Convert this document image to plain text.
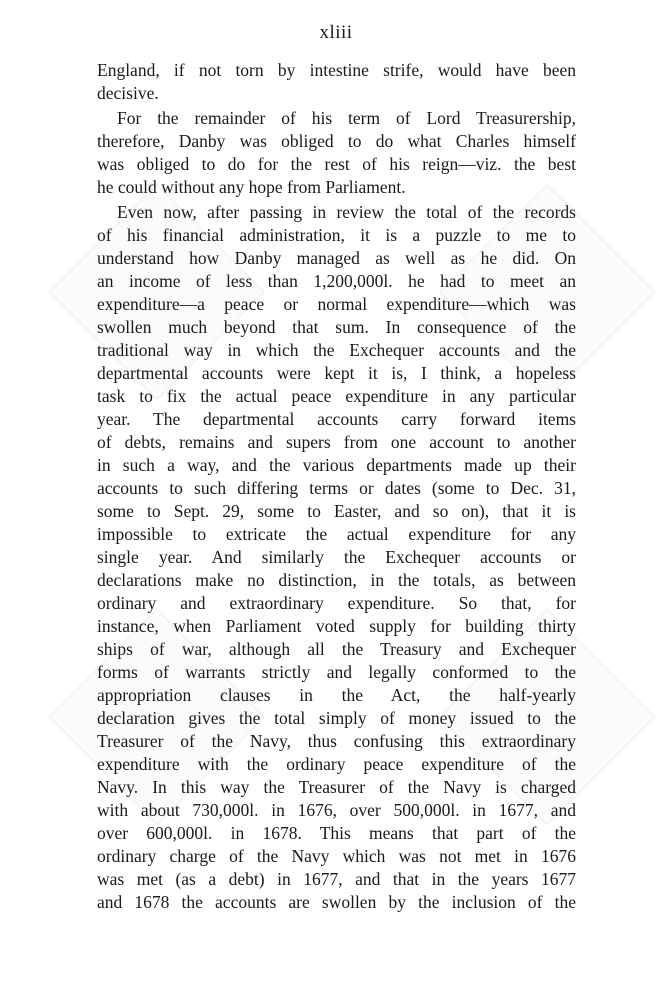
xliii
England, if not torn by intestine strife, would have been
decisive.
For the remainder of his term of Lord Treasurership,
therefore, Danby was obliged to do what Charles himself
was obliged to do for the rest of his reign—viz. the best
he could without any hope from Parliament.
Even now, after passing in review the total of the records
of his financial administration, it is a puzzle to me to
understand how Danby managed as well as he did. On
an income of less than 1,200,000l. he had to meet an
expenditure—a peace or normal expenditure—which was
swollen much beyond that sum. In consequence of the
traditional way in which the Exchequer accounts and the
departmental accounts were kept it is, I think, a hopeless
task to fix the actual peace expenditure in any particular
year. The departmental accounts carry forward items
of debts, remains and supers from one account to another
in such a way, and the various departments made up their
accounts to such differing terms or dates (some to Dec. 31,
some to Sept. 29, some to Easter, and so on), that it is
impossible to extricate the actual expenditure for any
single year. And similarly the Exchequer accounts or
declarations make no distinction, in the totals, as between
ordinary and extraordinary expenditure. So that, for
instance, when Parliament voted supply for building thirty
ships of war, although all the Treasury and Exchequer
forms of warrants strictly and legally conformed to the
appropriation clauses in the Act, the half-yearly
declaration gives the total simply of money issued to the
Treasurer of the Navy, thus confusing this extraordinary
expenditure with the ordinary peace expenditure of the
Navy. In this way the Treasurer of the Navy is charged
with about 730,000l. in 1676, over 500,000l. in 1677, and
over 600,000l. in 1678. This means that part of the
ordinary charge of the Navy which was not met in 1676
was met (as a debt) in 1677, and that in the years 1677
and 1678 the accounts are swollen by the inclusion of the
